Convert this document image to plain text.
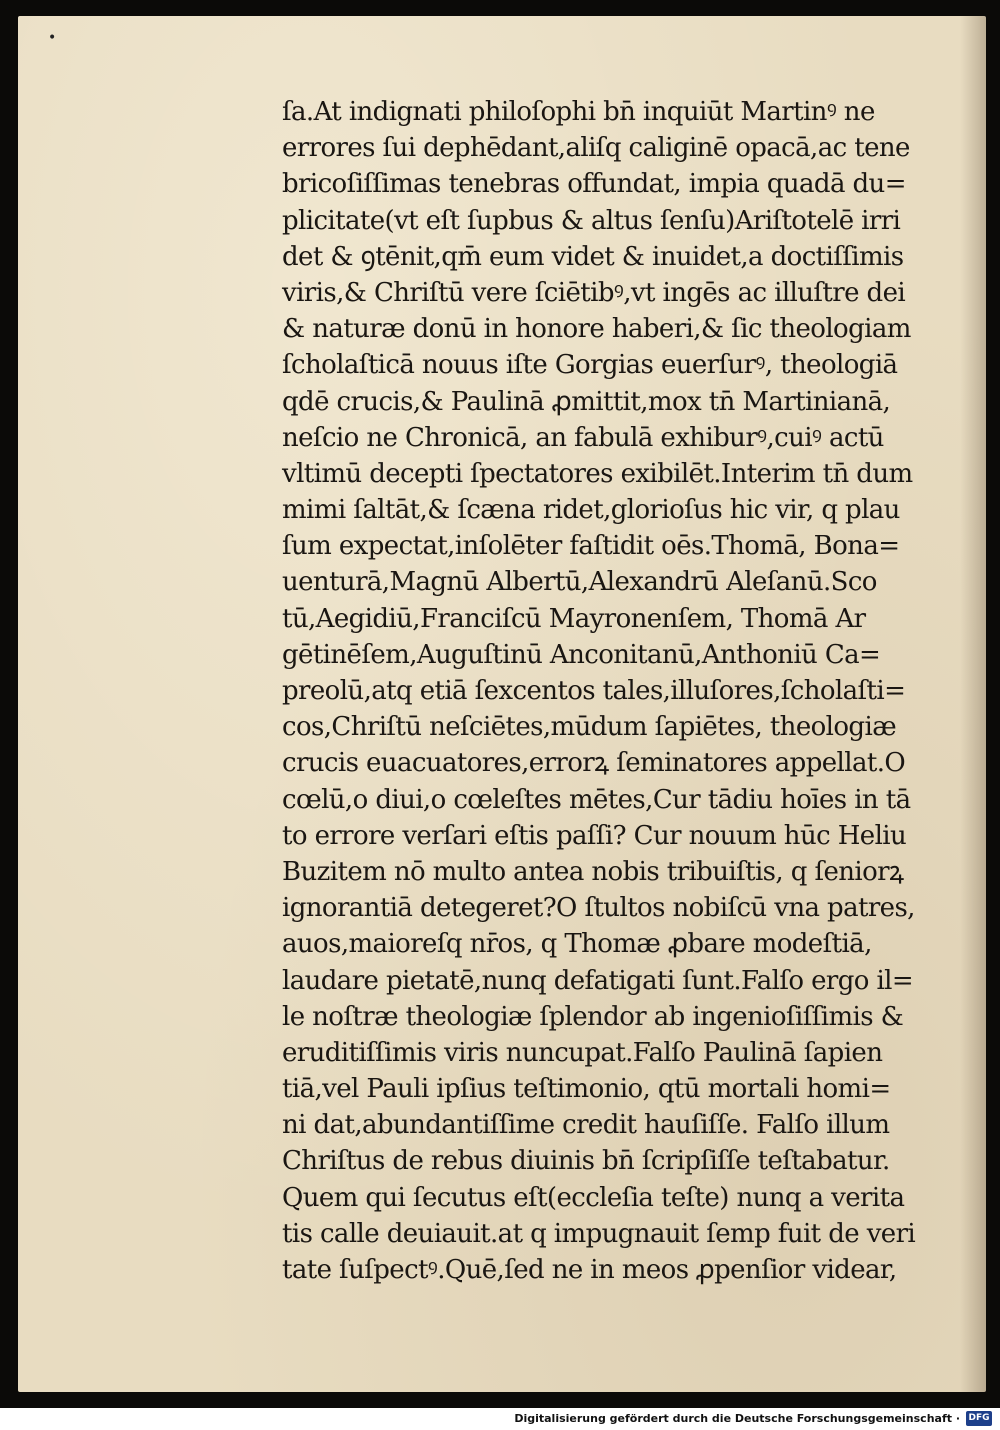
•
ſa.At indignati philoſophi bn̄ inquiūt Martinꝰ ne
errores ſui dephēdant,aliſq caliginē opacā,ac tene
bricoſiſſimas tenebras offundat, impia quadā du=
plicitate(vt eſt ſupbus & altus ſenſu)Ariſtotelē irri
det & ꝯtēnit,qm̄ eum videt & inuidet,a doctiſſimis
viris,& Chriſtū vere ſciētibꝰ,vt ingēs ac illuſtre dei
& naturæ donū in honore haberi,& ſic theologiam
ſcholaſticā nouus iſte Gorgias euerſurꝰ, theologiā
qdē crucis,& Paulinā ꝓmittit,mox tn̄ Martinianā,
neſcio ne Chronicā, an fabulā exhiburꝰ,cuiꝰ actū
vltimū decepti ſpectatores exibilēt.Interim tn̄ dum
mimi ſaltāt,& ſcæna ridet,glorioſus hic vir, q plau
ſum expectat,inſolēter faſtidit oēs.Thomā, Bona=
uenturā,Magnū Albertū,Alexandrū Aleſanū.Sco
tū,Aegidiū,Franciſcū Mayronenſem, Thomā Ar
gētinēſem,Auguſtinū Anconitanū,Anthoniū Ca=
preolū,atq etiā ſexcentos tales,illuſores,ſcholaſti=
cos,Chriſtū neſciētes,mūdum ſapiētes, theologiæ
crucis euacuatores,errorꝝ ſeminatores appellat.O
cœlū,o diui,o cœleſtes mētes,Cur tādiu hoīes in tā
to errore verſari eſtis paſſi? Cur nouum hūc Heliu
Buzitem nō multo antea nobis tribuiſtis, q ſeniorꝝ
ignorantiā detegeret?O ſtultos nobiſcū vna patres,
auos,maioreſq nr̄os, q Thomæ ꝓbare modeſtiā,
laudare pietatē,nunq defatigati ſunt.Falſo ergo il=
le noſtræ theologiæ ſplendor ab ingenioſiſſimis &
eruditiſſimis viris nuncupat.Falſo Paulinā ſapien
tiā,vel Pauli ipſius teſtimonio, qtū mortali homi=
ni dat,abundantiſſime credit hauſiſſe. Falſo illum
Chriſtus de rebus diuinis bn̄ ſcripſiſſe teſtabatur.
Quem qui ſecutus eſt(eccleſia teſte) nunq a verita
tis calle deuiauit.at q impugnauit ſemp fuit de veri
tate ſuſpectꝰ.Quē,ſed ne in meos ꝓpenſior videar,
Digitalisierung gefördert durch die Deutsche Forschungsgemeinschaft · DFG
